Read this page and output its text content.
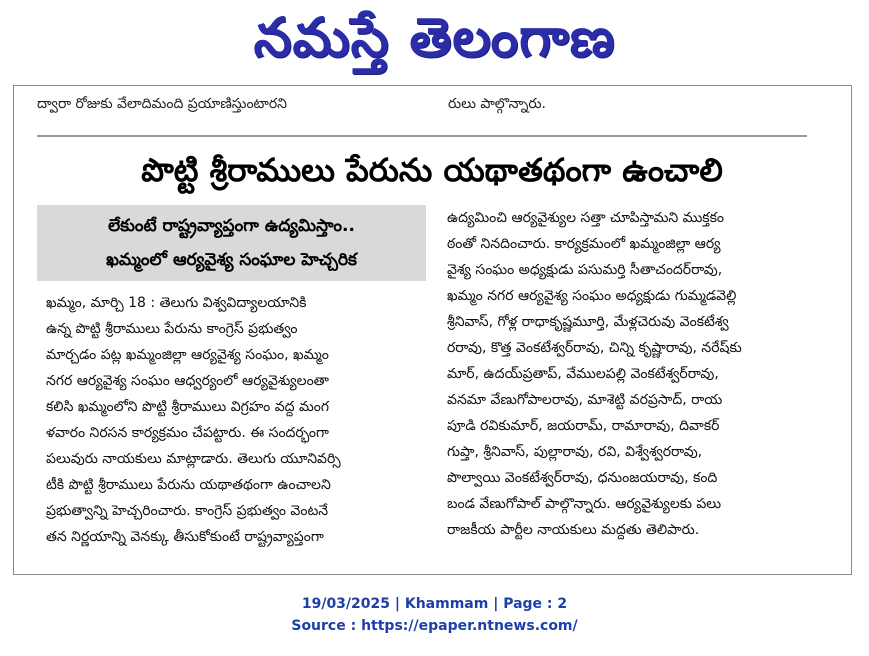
నమస్తే తెలంగాణ
ద్వారా రోజుకు వేలాదిమంది ప్రయాణిస్తుంటారని	రులు పాల్గొన్నారు.
పొట్టి శ్రీరాములు పేరును యథాతథంగా ఉంచాలి
లేకుంటే రాష్ట్రవ్యాప్తంగా ఉద్యమిస్తాం..
ఖమ్మంలో ఆర్యవైశ్య సంఘాల హెచ్చరిక

ఖమ్మం, మార్చి 18 : తెలుగు విశ్వవిద్యాలయానికి

ఉన్న పొట్టి శ్రీరాములు పేరును కాంగ్రెస్ ప్రభుత్వం

మార్చడం పట్ల ఖమ్మంజిల్లా ఆర్యవైశ్య సంఘం, ఖమ్మం

నగర ఆర్యవైశ్య సంఘం ఆధ్వర్యంలో ఆర్యవైశ్యులంతా

కలిసి ఖమ్మంలోని పొట్టి శ్రీరాములు విగ్రహం వద్ద మంగ

ళవారం నిరసన కార్యక్రమం చేపట్టారు. ఈ సందర్భంగా

పలువురు నాయకులు మాట్లాడారు. తెలుగు యూనివర్సి

టీకి పొట్టి శ్రీరాములు పేరును యథాతథంగా ఉంచాలని

ప్రభుత్వాన్ని హెచ్చరించారు. కాంగ్రెస్ ప్రభుత్వం వెంటనే

తన నిర్ణయాన్ని వెనక్కు తీసుకోకుంటే రాష్ట్రవ్యాప్తంగా

ఉద్యమించి ఆర్యవైశ్యుల సత్తా చూపిస్తామని ముక్తకం

ఠంతో నినదించారు. కార్యక్రమంలో ఖమ్మంజిల్లా ఆర్య

వైశ్య సంఘం అధ్యక్షుడు పసుమర్తి సీతాచందర్‌రావు,

ఖమ్మం నగర ఆర్యవైశ్య సంఘం అధ్యక్షుడు గుమ్మడవెల్లి

శ్రీనివాస్, గోళ్ల రాధాకృష్ణమూర్తి, మేళ్లచెరువు వెంకటేశ్వ

రరావు, కొత్త వెంకటేశ్వర్‌రావు, చిన్ని కృష్ణారావు, నరేష్‌కు

మార్, ఉదయ్‌ప్రతాప్, వేములపల్లి వెంకటేశ్వర్‌రావు,

వనమా వేణుగోపాలరావు, మాశెట్టి వరప్రసాద్, రాయ

పూడి రవికుమార్, జయరామ్, రామారావు, దివాకర్

గుప్తా, శ్రీనివాస్, పుల్లారావు, రవి, విశ్వేశ్వరరావు,

పొల్వాయి వెంకటేశ్వర్‌రావు, ధనుంజయరావు, కంది

బండ వేణుగోపాల్ పాల్గొన్నారు. ఆర్యవైశ్యులకు పలు

రాజకీయ పార్టీల నాయకులు మద్దతు తెలిపారు.

19/03/2025 | Khammam | Page : 2
Source : https://epaper.ntnews.com/
